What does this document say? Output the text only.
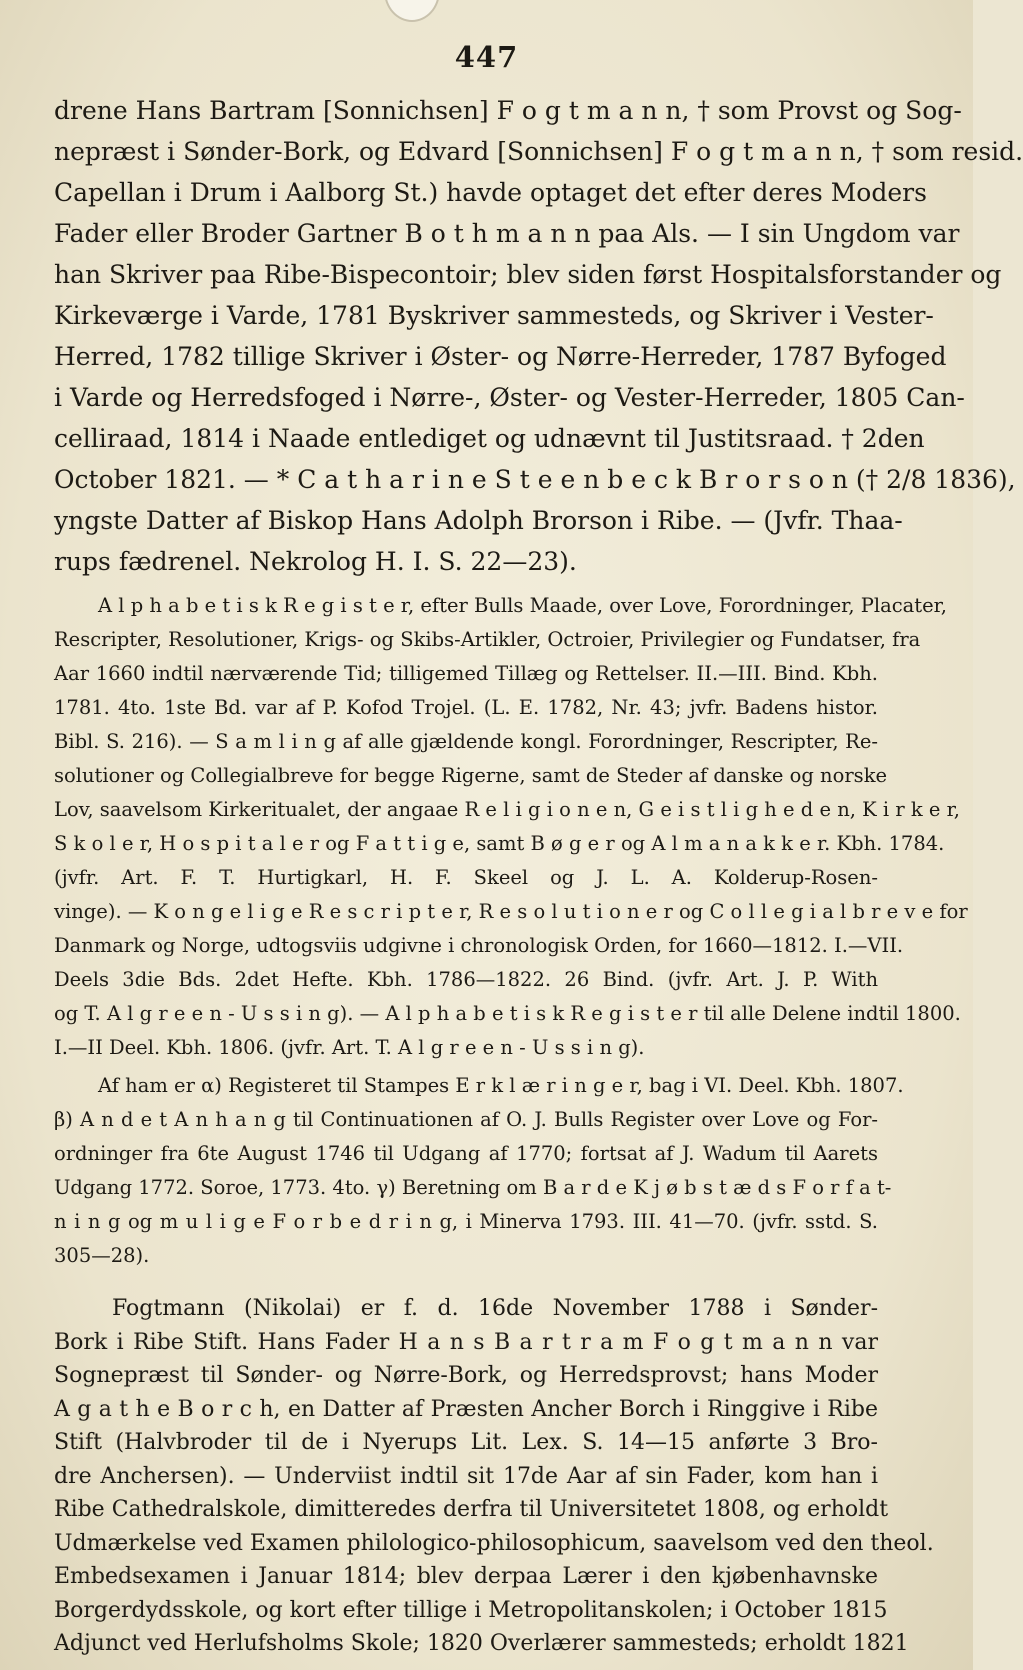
447

drene Hans Bartram [Sonnichsen] F o g t m a n n, † som Provst og Sog-

nepræst i Sønder-Bork, og Edvard [Sonnichsen] F o g t m a n n, † som resid.

Capellan i Drum i Aalborg St.) havde optaget det efter deres Moders

Fader eller Broder Gartner B o t h m a n n paa Als. — I sin Ungdom var

han Skriver paa Ribe-Bispecontoir; blev siden først Hospitalsforstander og

Kirkeværge i Varde, 1781 Byskriver sammesteds, og Skriver i Vester-

Herred, 1782 tillige Skriver i Øster- og Nørre-Herreder, 1787 Byfoged

i Varde og Herredsfoged i Nørre-, Øster- og Vester-Herreder, 1805 Can-

celliraad, 1814 i Naade entlediget og udnævnt til Justitsraad. † 2den

October 1821. — * C a t h a r i n e S t e e n b e c k B r o r s o n († 2/8 1836),

yngste Datter af Biskop Hans Adolph Brorson i Ribe. — (Jvfr. Thaa-

rups fædrenel. Nekrolog H. I. S. 22—23).

A l p h a b e t i s k R e g i s t e r, efter Bulls Maade, over Love, Forordninger, Placater,

Rescripter, Resolutioner, Krigs- og Skibs-Artikler, Octroier, Privilegier og Fundatser, fra

Aar 1660 indtil nærværende Tid; tilligemed Tillæg og Rettelser. II.—III. Bind. Kbh.

1781. 4to. 1ste Bd. var af P. Kofod Trojel. (L. E. 1782, Nr. 43; jvfr. Badens histor.

Bibl. S. 216). — S a m l i n g af alle gjældende kongl. Forordninger, Rescripter, Re-

solutioner og Collegialbreve for begge Rigerne, samt de Steder af danske og norske

Lov, saavelsom Kirkeritualet, der angaae R e l i g i o n e n, G e i s t l i g h e d e n, K i r k e r,

S k o l e r, H o s p i t a l e r og F a t t i g e, samt B ø g e r og A l m a n a k k e r. Kbh. 1784.

(jvfr. Art. F. T. Hurtigkarl, H. F. Skeel og J. L. A. Kolderup-Rosen-

vinge). — K o n g e l i g e R e s c r i p t e r, R e s o l u t i o n e r og C o l l e g i a l b r e v e for

Danmark og Norge, udtogsviis udgivne i chronologisk Orden, for 1660—1812. I.—VII.

Deels 3die Bds. 2det Hefte. Kbh. 1786—1822. 26 Bind. (jvfr. Art. J. P. With

og T. A l g r e e n - U s s i n g). — A l p h a b e t i s k R e g i s t e r til alle Delene indtil 1800.

I.—II Deel. Kbh. 1806. (jvfr. Art. T. A l g r e e n - U s s i n g).

Af ham er α) Registeret til Stampes E r k l æ r i n g e r, bag i VI. Deel. Kbh. 1807.

β) A n d e t A n h a n g til Continuationen af O. J. Bulls Register over Love og For-

ordninger fra 6te August 1746 til Udgang af 1770; fortsat af J. Wadum til Aarets

Udgang 1772. Soroe, 1773. 4to. γ) Beretning om B a r d e K j ø b s t æ d s F o r f a t-

n i n g og m u l i g e F o r b e d r i n g, i Minerva 1793. III. 41—70. (jvfr. sstd. S.

305—28).

Fogtmann (Nikolai) er f. d. 16de November 1788 i Sønder-

Bork i Ribe Stift. Hans Fader H a n s B a r t r a m F o g t m a n n var

Sognepræst til Sønder- og Nørre-Bork, og Herredsprovst; hans Moder

A g a t h e B o r c h, en Datter af Præsten Ancher Borch i Ringgive i Ribe

Stift (Halvbroder til de i Nyerups Lit. Lex. S. 14—15 anførte 3 Bro-

dre Anchersen). — Underviist indtil sit 17de Aar af sin Fader, kom han i

Ribe Cathedralskole, dimitteredes derfra til Universitetet 1808, og erholdt

Udmærkelse ved Examen philologico-philosophicum, saavelsom ved den theol.

Embedsexamen i Januar 1814; blev derpaa Lærer i den kjøbenhavnske

Borgerdydsskole, og kort efter tillige i Metropolitanskolen; i October 1815

Adjunct ved Herlufsholms Skole; 1820 Overlærer sammesteds; erholdt 1821
